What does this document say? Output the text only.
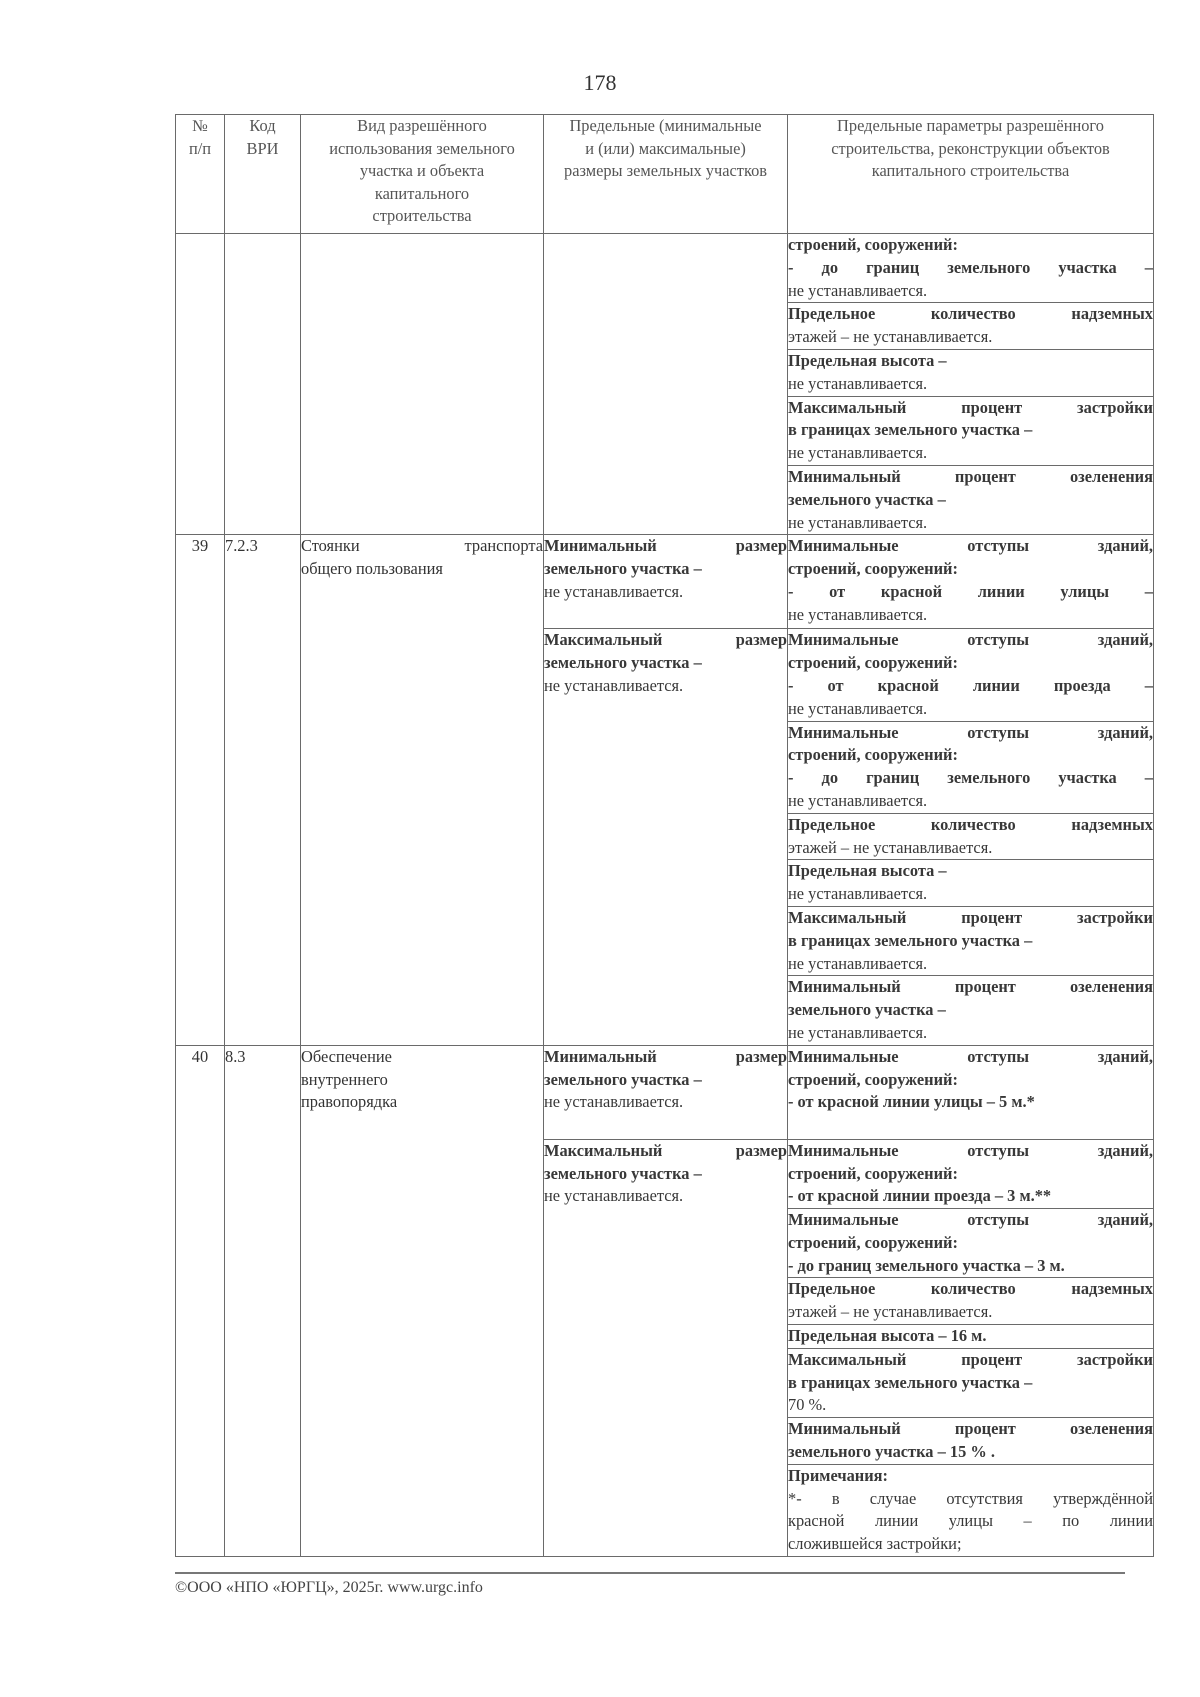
178
№ п/п	Код ВРИ	Вид разрешённого использования земельного участка и объекта капитального строительства	Предельные (минимальные и (или) максимальные) размеры земельных участков	Предельные параметры разрешённого строительства, реконструкции объектов капитального строительства

				строений, сооружений:
- до границ земельного участка –
не устанавливается.

				Предельное количество надземных
этажей – не устанавливается.

				Предельная высота –
не устанавливается.

				Максимальный процент застройки
в границах земельного участка –
не устанавливается.

				Минимальный процент озеленения
земельного участка –
не устанавливается.

39	7.2.3	Стоянки транспорта
общего пользования	Минимальный размер
земельного участка –
не устанавливается.	Минимальные отступы зданий,
строений, сооружений:
- от красной линии улицы –
не устанавливается.

			Максимальный размер
земельного участка –
не устанавливается.	Минимальные отступы зданий,
строений, сооружений:
- от красной линии проезда –
не устанавливается.

				Минимальные отступы зданий,
строений, сооружений:
- до границ земельного участка –
не устанавливается.

				Предельное количество надземных
этажей – не устанавливается.

				Предельная высота –
не устанавливается.

				Максимальный процент застройки
в границах земельного участка –
не устанавливается.

				Минимальный процент озеленения
земельного участка –
не устанавливается.

40	8.3	Обеспечение
внутреннего
правопорядка	Минимальный размер
земельного участка –
не устанавливается.	Минимальные отступы зданий,
строений, сооружений:
- от красной линии улицы – 5 м.*

			Максимальный размер
земельного участка –
не устанавливается.	Минимальные отступы зданий,
строений, сооружений:
- от красной линии проезда – 3 м.**

				Минимальные отступы зданий,
строений, сооружений:
- до границ земельного участка – 3 м.

				Предельное количество надземных
этажей – не устанавливается.

				Предельная высота – 16 м.

				Максимальный процент застройки
в границах земельного участка –
70 %.

				Минимальный процент озеленения
земельного участка – 15 % .

				Примечания:
*- в случае отсутствия утверждённой
красной линии улицы – по линии
сложившейся застройки;
©ООО «НПО «ЮРГЦ», 2025г. www.urgc.info
